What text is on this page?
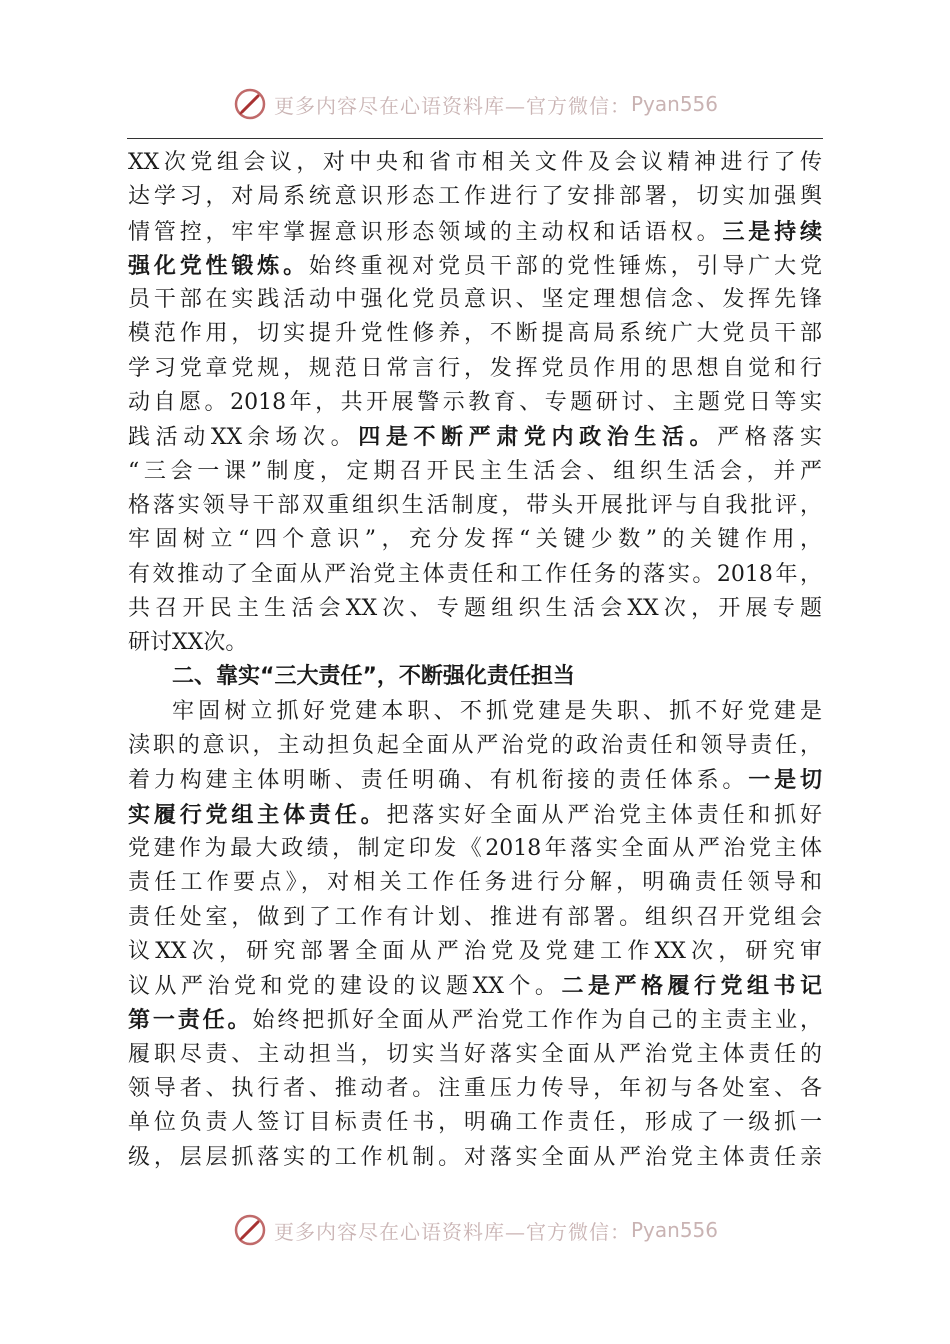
更多内容尽在心语资料库—官方微信： Pyan556
XX次党组会议，对中央和省市相关文件及会议精神进行了传
达学习，对局系统意识形态工作进行了安排部署，切实加强舆
情管控，牢牢掌握意识形态领域的主动权和话语权。三是持续
强化党性锻炼。始终重视对党员干部的党性锤炼，引导广大党
员干部在实践活动中强化党员意识、坚定理想信念、发挥先锋
模范作用，切实提升党性修养，不断提高局系统广大党员干部
学习党章党规，规范日常言行，发挥党员作用的思想自觉和行
动自愿。2018年，共开展警示教育、专题研讨、主题党日等实
践活动XX余场次。四是不断严肃党内政治生活。严格落实
“三会一课”制度，定期召开民主生活会、组织生活会，并严
格落实领导干部双重组织生活制度，带头开展批评与自我批评，
牢固树立“四个意识”，充分发挥“关键少数”的关键作用，
有效推动了全面从严治党主体责任和工作任务的落实。2018年，
共召开民主生活会XX次、专题组织生活会XX次，开展专题
研讨XX次。
二、靠实“三大责任”，不断强化责任担当
牢固树立抓好党建本职、不抓党建是失职、抓不好党建是
渎职的意识，主动担负起全面从严治党的政治责任和领导责任，
着力构建主体明晰、责任明确、有机衔接的责任体系。一是切
实履行党组主体责任。把落实好全面从严治党主体责任和抓好
党建作为最大政绩，制定印发《2018年落实全面从严治党主体
责任工作要点》，对相关工作任务进行分解，明确责任领导和
责任处室，做到了工作有计划、推进有部署。组织召开党组会
议XX次，研究部署全面从严治党及党建工作XX次，研究审
议从严治党和党的建设的议题XX个。二是严格履行党组书记
第一责任。始终把抓好全面从严治党工作作为自己的主责主业，
履职尽责、主动担当，切实当好落实全面从严治党主体责任的
领导者、执行者、推动者。注重压力传导，年初与各处室、各
单位负责人签订目标责任书，明确工作责任，形成了一级抓一
级，层层抓落实的工作机制。对落实全面从严治党主体责任亲
更多内容尽在心语资料库—官方微信： Pyan556
